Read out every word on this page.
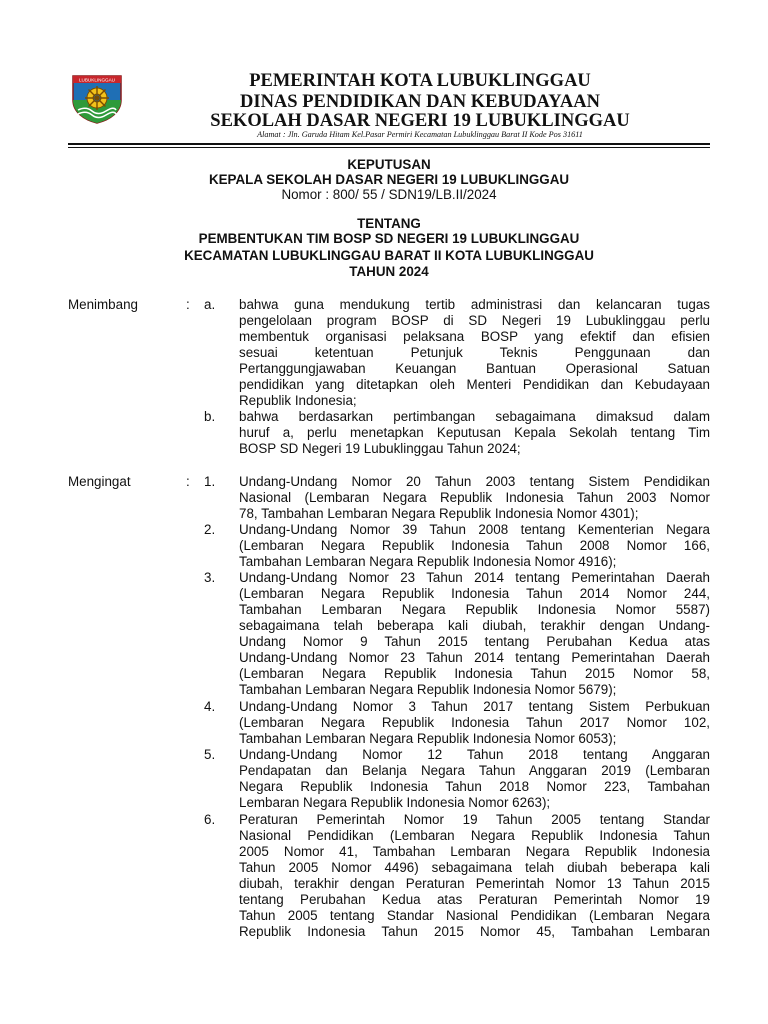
LUBUKLINGGAU	PEMERINTAH KOTA LUBUKLINGGAU
DINAS PENDIDIKAN DAN KEBUDAYAAN
SEKOLAH DASAR NEGERI 19 LUBUKLINGGAU
Alamat : Jln. Garuda Hitam Kel.Pasar Permiri Kecamatan Lubuklinggau Barat II Kode Pos 31611
KEPUTUSAN
KEPALA SEKOLAH DASAR NEGERI 19 LUBUKLINGGAU
Nomor : 800/ 55 / SDN19/LB.II/2024
TENTANG
PEMBENTUKAN TIM BOSP SD NEGERI 19 LUBUKLINGGAU
KECAMATAN LUBUKLINGGAU BARAT II KOTA LUBUKLINGGAU
TAHUN 2024
Menimbang	: a. bahwa guna mendukung tertib administrasi dan kelancaran tugas
pengelolaan program BOSP di SD Negeri 19 Lubuklinggau perlu
membentuk organisasi pelaksana BOSP yang efektif dan efisien
sesuai ketentuan Petunjuk Teknis Penggunaan dan
Pertanggungjawaban Keuangan Bantuan Operasional Satuan
pendidikan yang ditetapkan oleh Menteri Pendidikan dan Kebudayaan
Republik Indonesia;
b. bahwa berdasarkan pertimbangan sebagaimana dimaksud dalam
huruf a, perlu menetapkan Keputusan Kepala Sekolah tentang Tim
BOSP SD Negeri 19 Lubuklinggau Tahun 2024;
Mengingat	: 1. Undang-Undang Nomor 20 Tahun 2003 tentang Sistem Pendidikan
Nasional (Lembaran Negara Republik Indonesia Tahun 2003 Nomor
78, Tambahan Lembaran Negara Republik Indonesia Nomor 4301);
2. Undang-Undang Nomor 39 Tahun 2008 tentang Kementerian Negara
(Lembaran Negara Republik Indonesia Tahun 2008 Nomor 166,
Tambahan Lembaran Negara Republik Indonesia Nomor 4916);
3. Undang-Undang Nomor 23 Tahun 2014 tentang Pemerintahan Daerah
(Lembaran Negara Republik Indonesia Tahun 2014 Nomor 244,
Tambahan Lembaran Negara Republik Indonesia Nomor 5587)
sebagaimana telah beberapa kali diubah, terakhir dengan Undang-
Undang Nomor 9 Tahun 2015 tentang Perubahan Kedua atas
Undang-Undang Nomor 23 Tahun 2014 tentang Pemerintahan Daerah
(Lembaran Negara Republik Indonesia Tahun 2015 Nomor 58,
Tambahan Lembaran Negara Republik Indonesia Nomor 5679);
4. Undang-Undang Nomor 3 Tahun 2017 tentang Sistem Perbukuan
(Lembaran Negara Republik Indonesia Tahun 2017 Nomor 102,
Tambahan Lembaran Negara Republik Indonesia Nomor 6053);
5. Undang-Undang Nomor 12 Tahun 2018 tentang Anggaran
Pendapatan dan Belanja Negara Tahun Anggaran 2019 (Lembaran
Negara Republik Indonesia Tahun 2018 Nomor 223, Tambahan
Lembaran Negara Republik Indonesia Nomor 6263);
6. Peraturan Pemerintah Nomor 19 Tahun 2005 tentang Standar
Nasional Pendidikan (Lembaran Negara Republik Indonesia Tahun
2005 Nomor 41, Tambahan Lembaran Negara Republik Indonesia
Tahun 2005 Nomor 4496) sebagaimana telah diubah beberapa kali
diubah, terakhir dengan Peraturan Pemerintah Nomor 13 Tahun 2015
tentang Perubahan Kedua atas Peraturan Pemerintah Nomor 19
Tahun 2005 tentang Standar Nasional Pendidikan (Lembaran Negara
Republik Indonesia Tahun 2015 Nomor 45, Tambahan Lembaran
